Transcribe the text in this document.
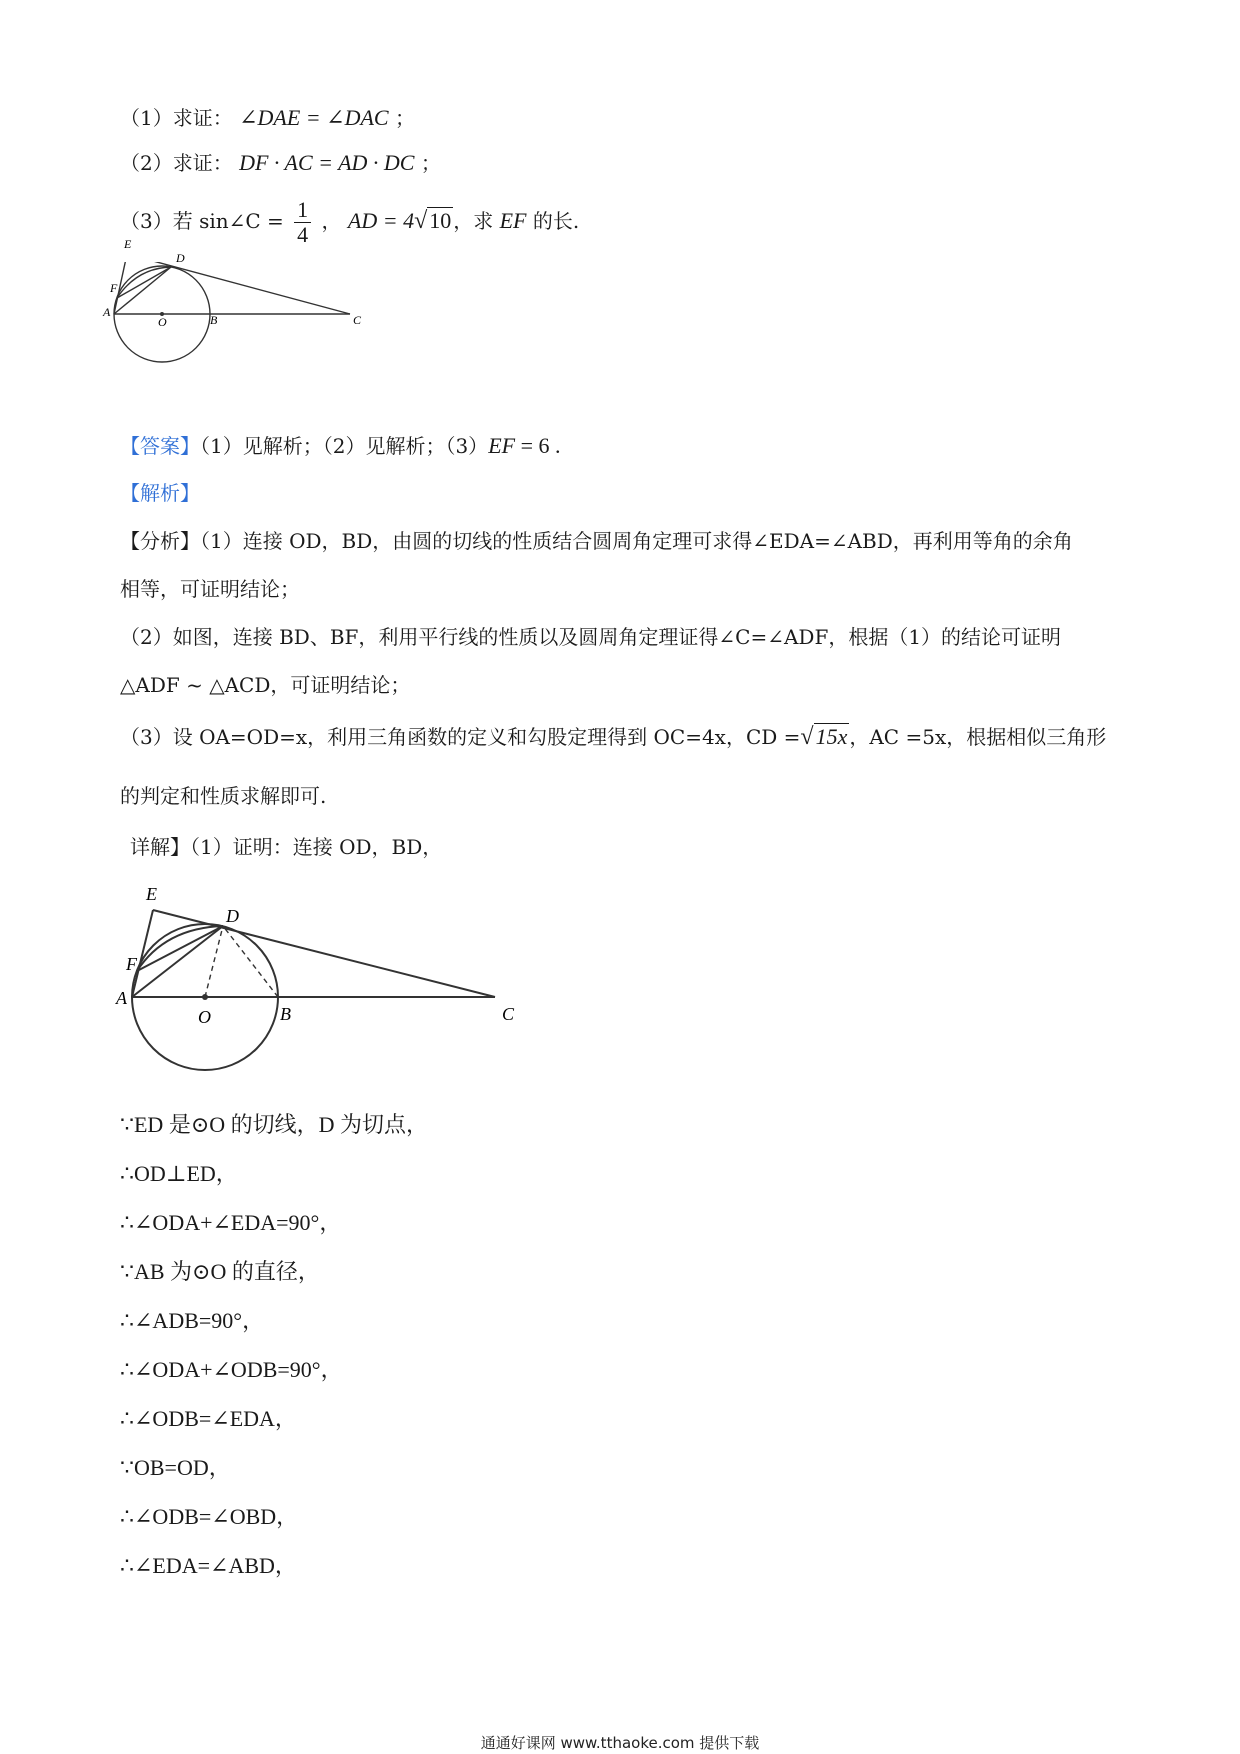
（1）求证： ∠DAE = ∠DAC ；
（2）求证： DF · AC = AD · DC ；
（3）若 sin∠C = $\frac{1}{4}$ ， AD = 4√10 ，求 EF 的长.
E
D
F
A
O	B	C
【答案】（1）见解析；（2）见解析；（3）EF = 6 .
【解析】
【分析】（1）连接 OD，BD，由圆的切线的性质结合圆周角定理可求得∠EDA=∠ABD，再利用等角的余角
相等，可证明结论；
（2）如图，连接 BD、BF，利用平行线的性质以及圆周角定理证得∠C=∠ADF，根据（1）的结论可证明
△ADF ~ △ACD，可证明结论；
（3）设 OA=OD=x，利用三角函数的定义和勾股定理得到 OC=4x，CD =√15x ，AC =5x，根据相似三角形
的判定和性质求解即可.
详解】（1）证明：连接 OD，BD，
E
D
F
A
O	B	C
∵ED 是⊙O 的切线，D 为切点，
∴OD⊥ED，
∴∠ODA+∠EDA=90°，
∵AB 为⊙O 的直径，
∴∠ADB=90°，
∴∠ODA+∠ODB=90°，
∴∠ODB=∠EDA，
∵OB=OD，
∴∠ODB=∠OBD，
∴∠EDA=∠ABD，
通通好课网 www.tthaoke.com 提供下载
